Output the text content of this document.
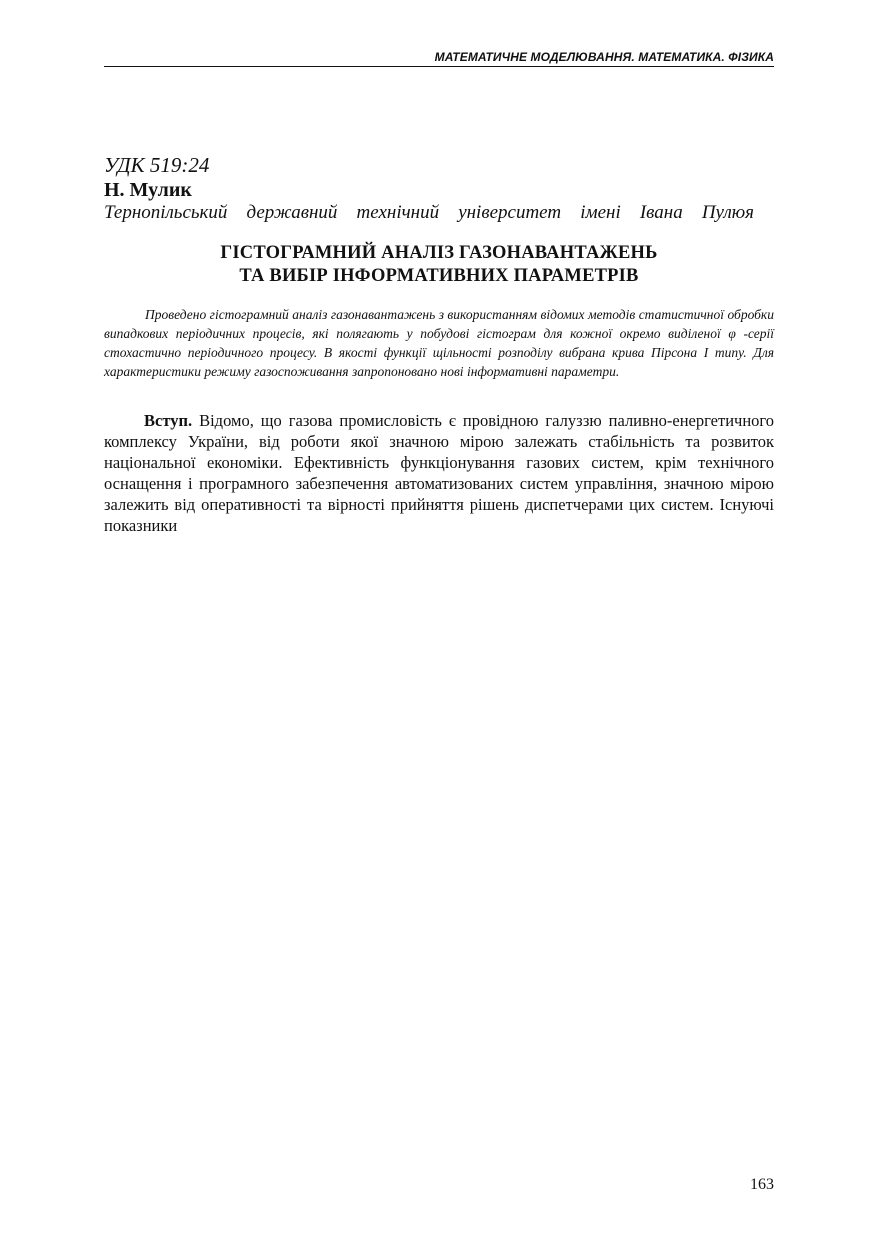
МАТЕМАТИЧНЕ МОДЕЛЮВАННЯ. МАТЕМАТИКА. ФІЗИКА
УДК 519:24
Н. Мулик
Тернопільський державний технічний університет імені Івана Пулюя
ГІСТОГРАМНИЙ АНАЛІЗ ГАЗОНАВАНТАЖЕНЬ
ТА ВИБІР ІНФОРМАТИВНИХ ПАРАМЕТРІВ

Проведено гістограмний аналіз газонавантажень з використанням відомих методів статистичної обробки випадкових періодичних процесів, які полягають у побудові гістограм для кожної окремо виділеної φ -серії стохастично періодичного процесу. В якості функції щільності розподілу вибрана крива Пірсона І типу. Для характеристики режиму газоспоживання запропоновано нові інформативні параметри.

Вступ. Відомо, що газова промисловість є провідною галуззю паливно-енергетичного комплексу України, від роботи якої значною мірою залежать стабільність та розвиток національної економіки. Ефективність функціонування газових систем, крім технічного оснащення і програмного забезпечення автоматизованих систем управління, значною мірою залежить від оперативності та вірності прийняття рішень диспетчерами цих систем. Існуючі показники

163
